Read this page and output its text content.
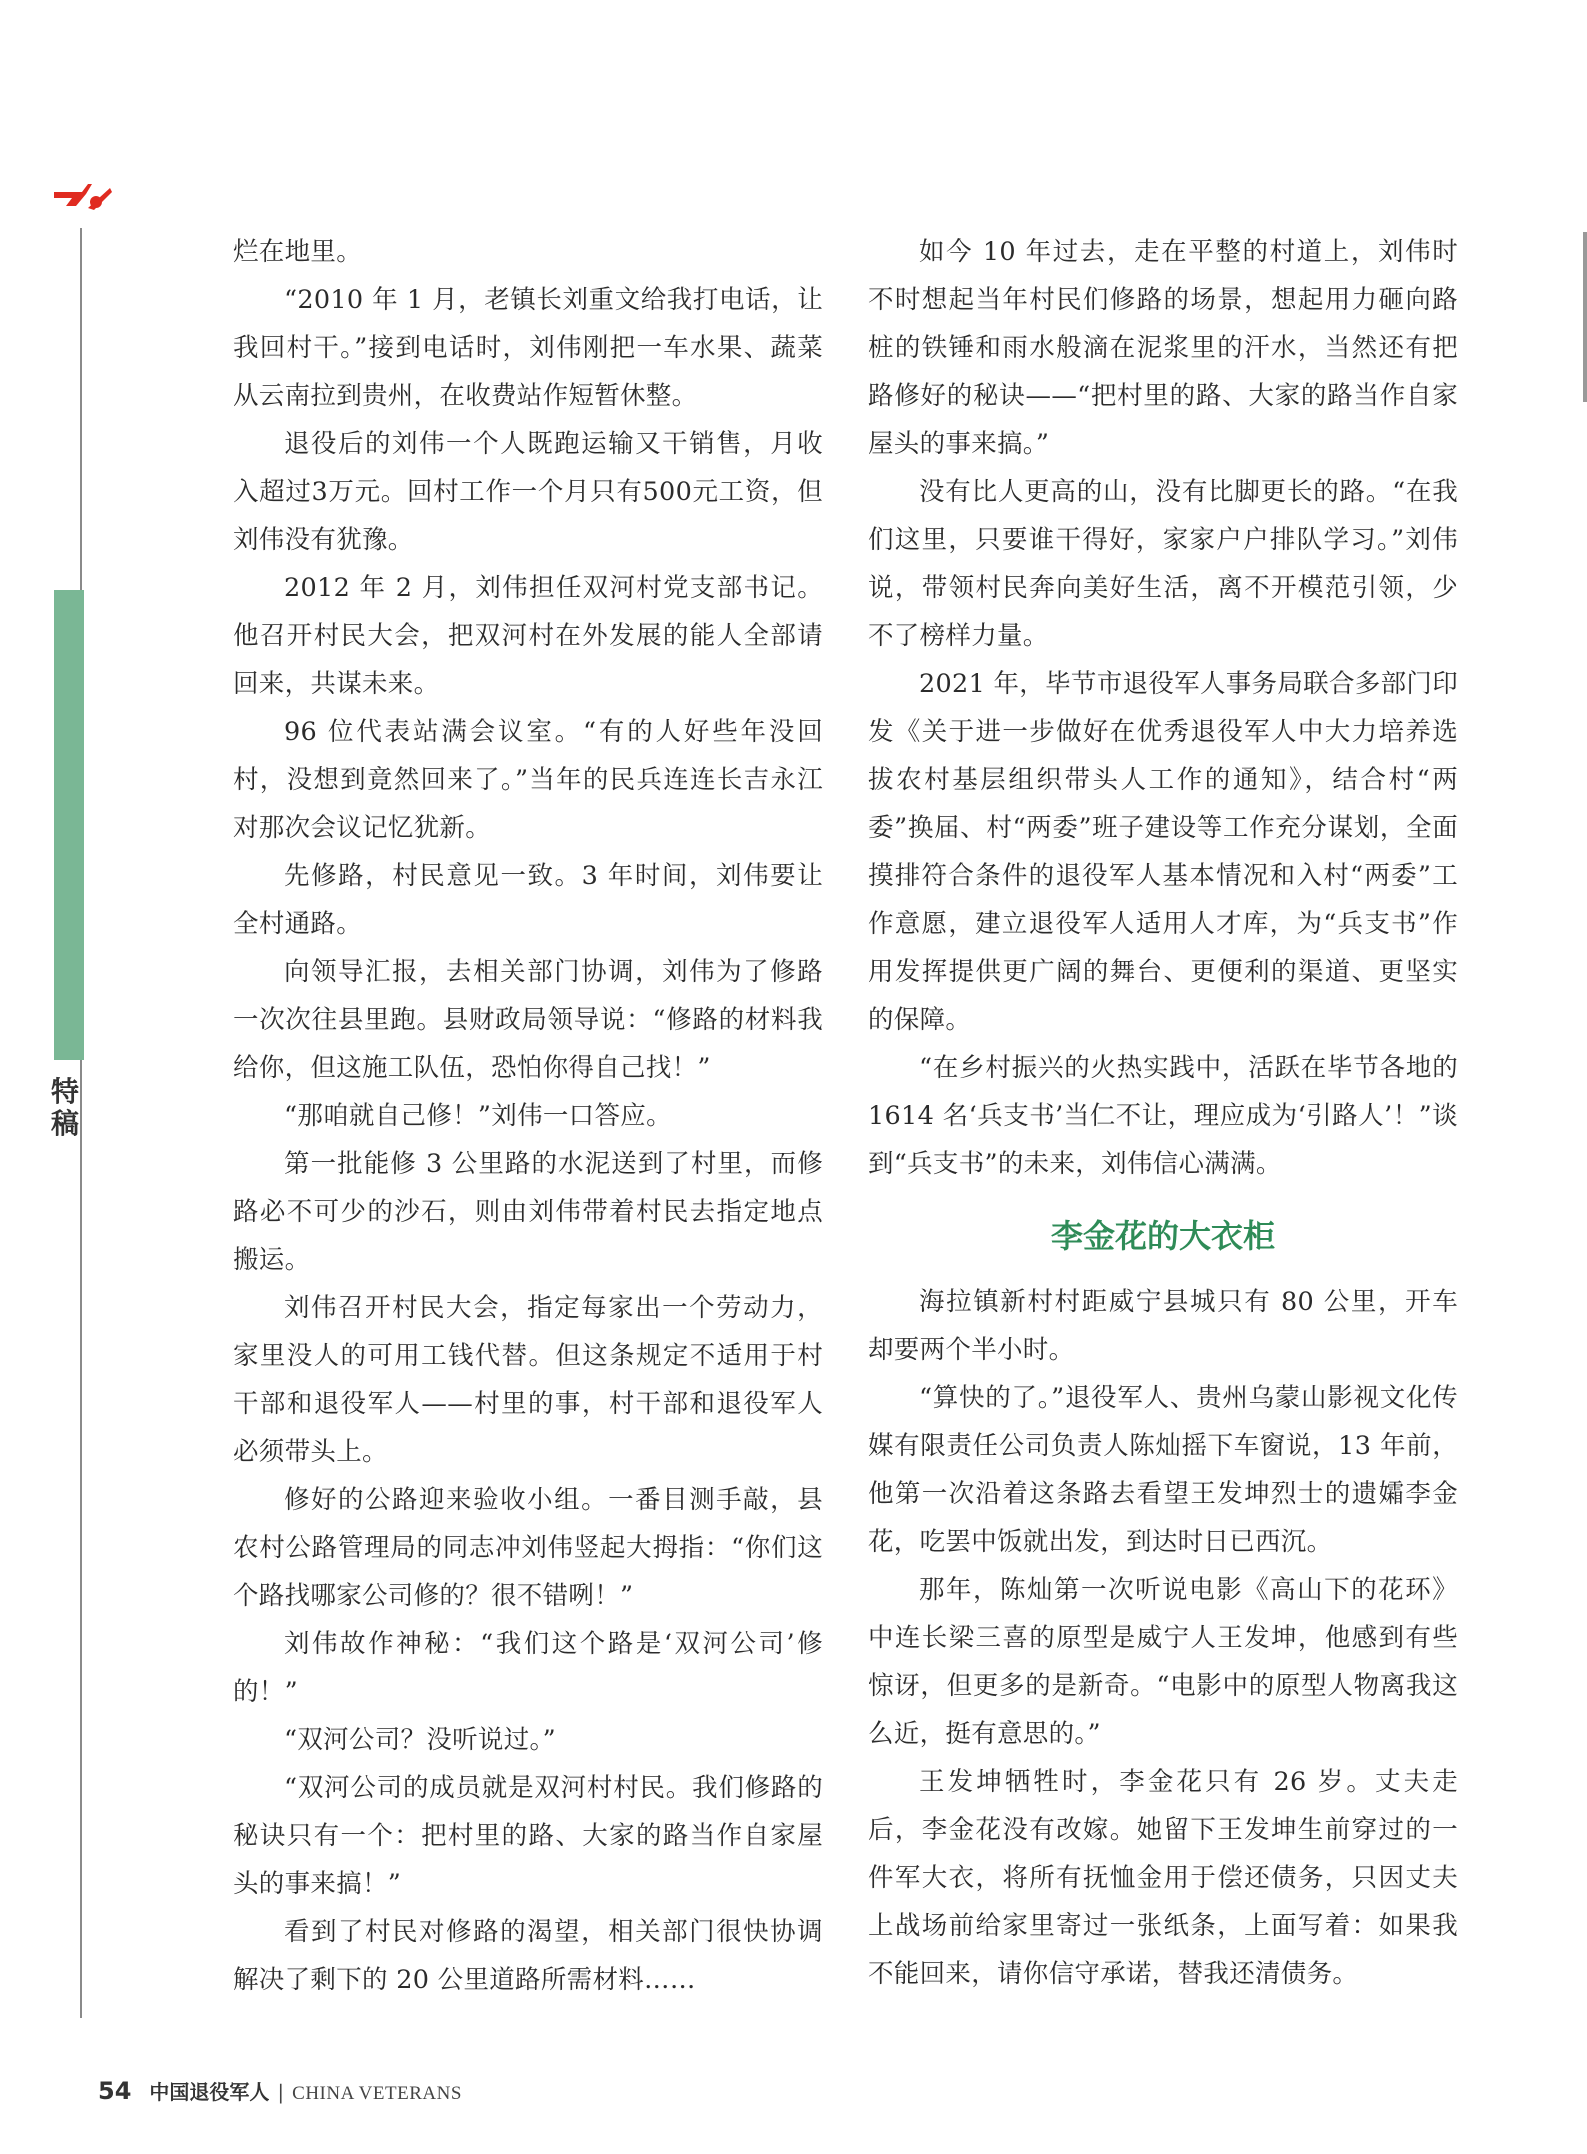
特
稿

烂在地里。

“2010 年 1 月，老镇长刘重文给我打电话，让我回村干。”接到电话时，刘伟刚把一车水果、蔬菜从云南拉到贵州，在收费站作短暂休整。

退役后的刘伟一个人既跑运输又干销售，月收入超过3万元。回村工作一个月只有500元工资，但刘伟没有犹豫。

2012 年 2 月，刘伟担任双河村党支部书记。他召开村民大会，把双河村在外发展的能人全部请回来，共谋未来。

96 位代表站满会议室。“有的人好些年没回村，没想到竟然回来了。”当年的民兵连连长吉永江对那次会议记忆犹新。

先修路，村民意见一致。3 年时间，刘伟要让全村通路。

向领导汇报，去相关部门协调，刘伟为了修路一次次往县里跑。县财政局领导说：“修路的材料我给你，但这施工队伍，恐怕你得自己找！”

“那咱就自己修！”刘伟一口答应。

第一批能修 3 公里路的水泥送到了村里，而修路必不可少的沙石，则由刘伟带着村民去指定地点搬运。

刘伟召开村民大会，指定每家出一个劳动力，家里没人的可用工钱代替。但这条规定不适用于村干部和退役军人——村里的事，村干部和退役军人必须带头上。

修好的公路迎来验收小组。一番目测手敲，县农村公路管理局的同志冲刘伟竖起大拇指：“你们这个路找哪家公司修的？很不错咧！”

刘伟故作神秘：“我们这个路是‘双河公司’修的！”

“双河公司？没听说过。”

“双河公司的成员就是双河村村民。我们修路的秘诀只有一个：把村里的路、大家的路当作自家屋头的事来搞！”

看到了村民对修路的渴望，相关部门很快协调解决了剩下的 20 公里道路所需材料……

如今 10 年过去，走在平整的村道上，刘伟时不时想起当年村民们修路的场景，想起用力砸向路桩的铁锤和雨水般滴在泥浆里的汗水，当然还有把路修好的秘诀——“把村里的路、大家的路当作自家屋头的事来搞。”

没有比人更高的山，没有比脚更长的路。“在我们这里，只要谁干得好，家家户户排队学习。”刘伟说，带领村民奔向美好生活，离不开模范引领，少不了榜样力量。

2021 年，毕节市退役军人事务局联合多部门印发《关于进一步做好在优秀退役军人中大力培养选拔农村基层组织带头人工作的通知》，结合村“两委”换届、村“两委”班子建设等工作充分谋划，全面摸排符合条件的退役军人基本情况和入村“两委”工作意愿，建立退役军人适用人才库，为“兵支书”作用发挥提供更广阔的舞台、更便利的渠道、更坚实的保障。

“在乡村振兴的火热实践中，活跃在毕节各地的 1614 名‘兵支书’当仁不让，理应成为‘引路人’！”谈到“兵支书”的未来，刘伟信心满满。

李金花的大衣柜

海拉镇新村村距威宁县城只有 80 公里，开车却要两个半小时。

“算快的了。”退役军人、贵州乌蒙山影视文化传媒有限责任公司负责人陈灿摇下车窗说，13 年前，他第一次沿着这条路去看望王发坤烈士的遗孀李金花，吃罢中饭就出发，到达时日已西沉。

那年，陈灿第一次听说电影《高山下的花环》中连长梁三喜的原型是威宁人王发坤，他感到有些惊讶，但更多的是新奇。“电影中的原型人物离我这么近，挺有意思的。”

王发坤牺牲时，李金花只有 26 岁。丈夫走后，李金花没有改嫁。她留下王发坤生前穿过的一件军大衣，将所有抚恤金用于偿还债务，只因丈夫上战场前给家里寄过一张纸条，上面写着：如果我不能回来，请你信守承诺，替我还清债务。

54 中国退役军人 | CHINA VETERANS
